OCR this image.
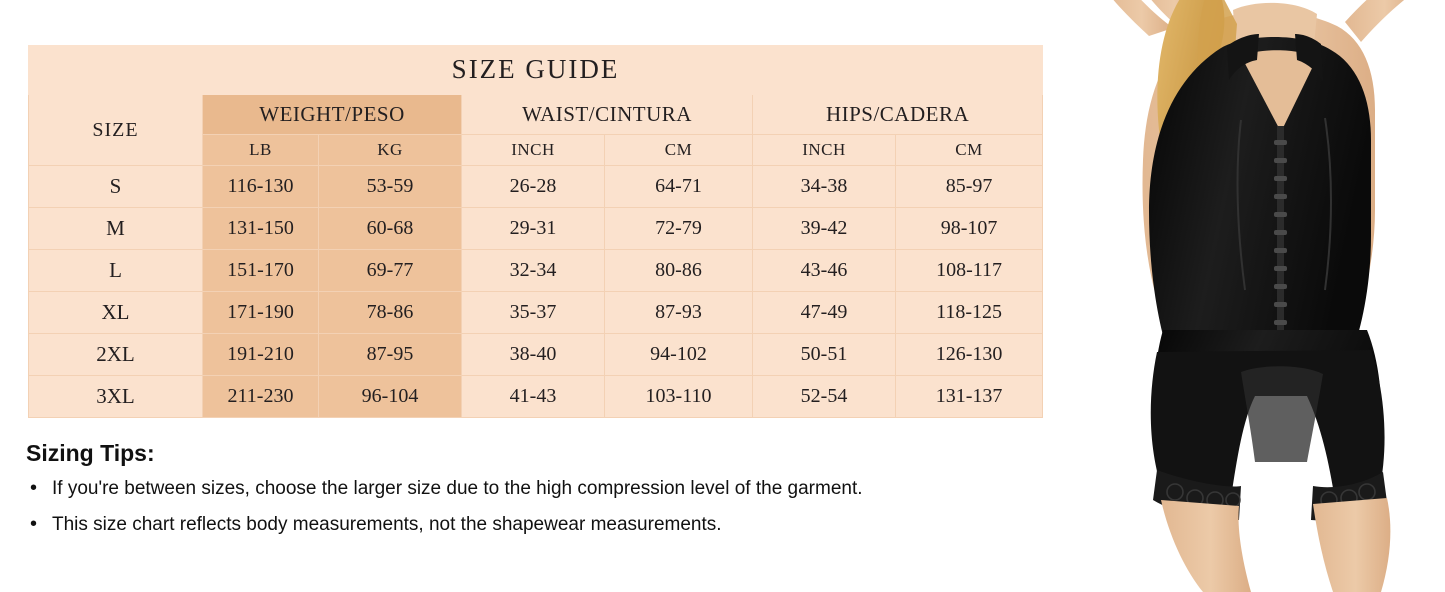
SIZE GUIDE						
SIZE	WEIGHT/PESO		WAIST/CINTURA		HIPS/CADERA	
	LB	KG	INCH	CM	INCH	CM
S	116-130	53-59	26-28	64-71	34-38	85-97
M	131-150	60-68	29-31	72-79	39-42	98-107
L	151-170	69-77	32-34	80-86	43-46	108-117
XL	171-190	78-86	35-37	87-93	47-49	118-125
2XL	191-210	87-95	38-40	94-102	50-51	126-130
3XL	211-230	96-104	41-43	103-110	52-54	131-137
Sizing Tips:
• If you're between sizes, choose the larger size due to the high compression level of the garment.
• This size chart reflects body measurements, not the shapewear measurements.
